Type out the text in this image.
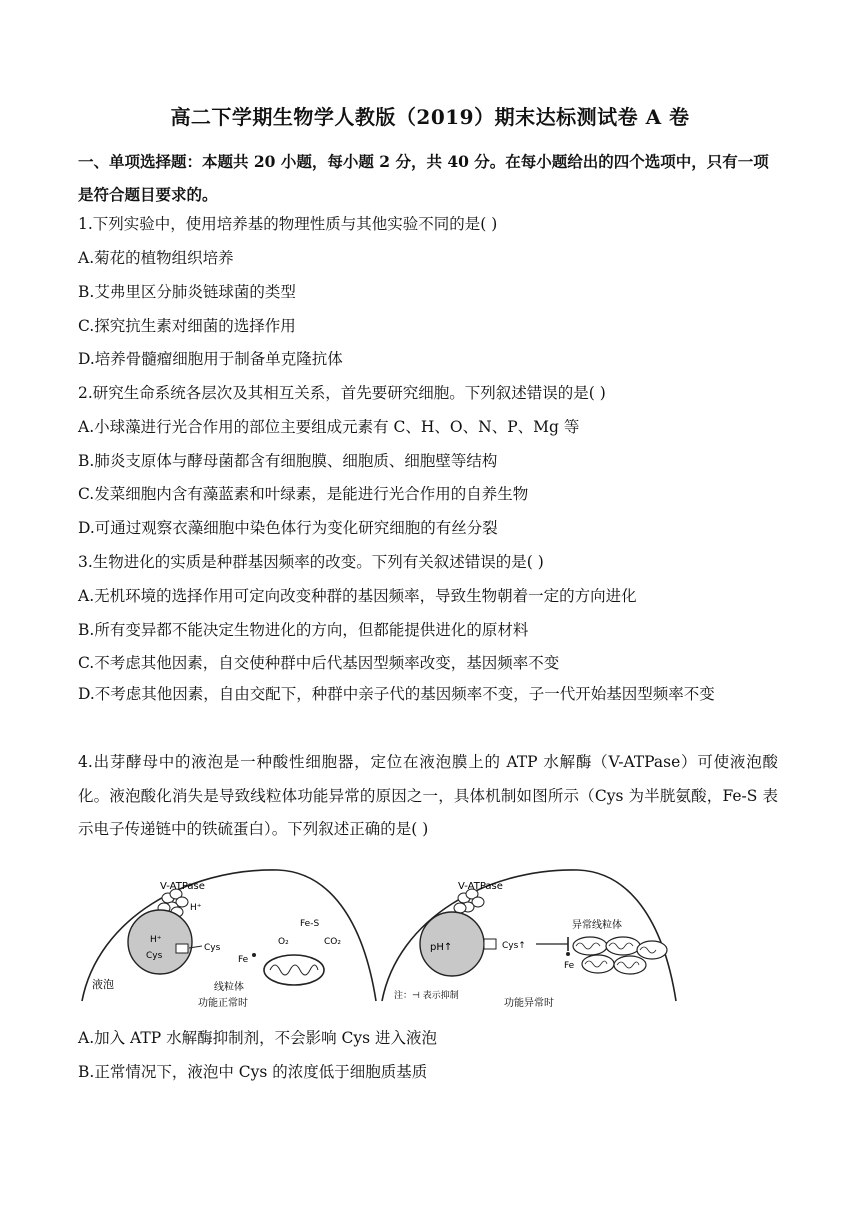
高二下学期生物学人教版（2019）期末达标测试卷 A 卷
一、单项选择题：本题共 20 小题，每小题 2 分，共 40 分。在每小题给出的四个选项中，只有一项是符合题目要求的。
1.下列实验中，使用培养基的物理性质与其他实验不同的是( )
A.菊花的植物组织培养
B.艾弗里区分肺炎链球菌的类型
C.探究抗生素对细菌的选择作用
D.培养骨髓瘤细胞用于制备单克隆抗体
2.研究生命系统各层次及其相互关系，首先要研究细胞。下列叙述错误的是( )
A.小球藻进行光合作用的部位主要组成元素有 C、H、O、N、P、Mg 等
B.肺炎支原体与酵母菌都含有细胞膜、细胞质、细胞壁等结构
C.发菜细胞内含有藻蓝素和叶绿素，是能进行光合作用的自养生物
D.可通过观察衣藻细胞中染色体行为变化研究细胞的有丝分裂
3.生物进化的实质是种群基因频率的改变。下列有关叙述错误的是( )
A.无机环境的选择作用可定向改变种群的基因频率，导致生物朝着一定的方向进化
B.所有变异都不能决定生物进化的方向，但都能提供进化的原材料
C.不考虑其他因素，自交使种群中后代基因型频率改变，基因频率不变
D.不考虑其他因素，自由交配下，种群中亲子代的基因频率不变，子一代开始基因型频率不变
4.出芽酵母中的液泡是一种酸性细胞器，定位在液泡膜上的 ATP 水解酶（V-ATPase）可使液泡酸化。液泡酸化消失是导致线粒体功能异常的原因之一，具体机制如图所示（Cys 为半胱氨酸，Fe-S 表示电子传递链中的铁硫蛋白）。下列叙述正确的是( )
V-ATPase
H⁺
H⁺
Cys
Cys
液泡
Fe
Fe-S
O₂	CO₂
线粒体
功能正常时
V-ATPase
pH↑	Cys↑
Fe
异常线粒体
注：⊣ 表示抑制
功能异常时
A.加入 ATP 水解酶抑制剂，不会影响 Cys 进入液泡
B.正常情况下，液泡中 Cys 的浓度低于细胞质基质
